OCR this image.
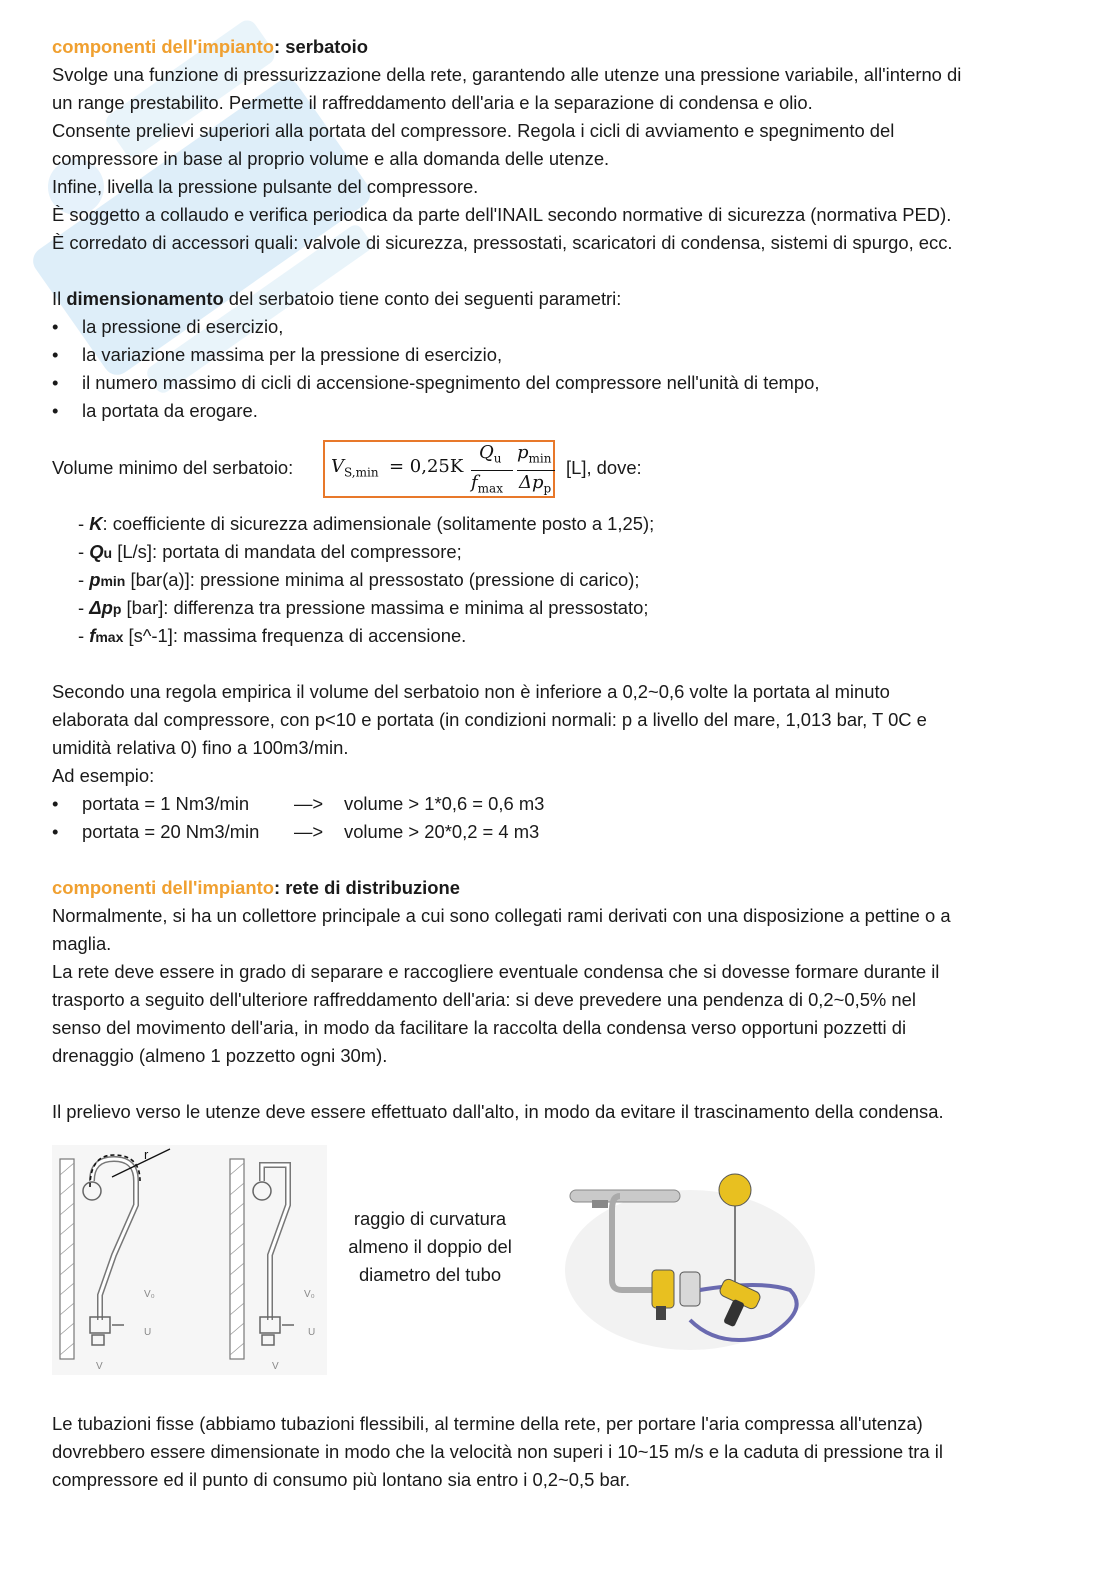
componenti dell'impianto: serbatoio
Svolge una funzione di pressurizzazione della rete, garantendo alle utenze una pressione variabile, all'interno di
un range prestabilito. Permette il raffreddamento dell'aria e la separazione di condensa e olio.
Consente prelievi superiori alla portata del compressore. Regola i cicli di avviamento e spegnimento del
compressore in base al proprio volume e alla domanda delle utenze.
Infine, livella la pressione pulsante del compressore.
È soggetto a collaudo e verifica periodica da parte dell'INAIL secondo normative di sicurezza (normativa PED).
È corredato di accessori quali: valvole di sicurezza, pressostati, scaricatori di condensa, sistemi di spurgo, ecc.
Il dimensionamento del serbatoio tiene conto dei seguenti parametri:
• la pressione di esercizio,
• la variazione massima per la pressione di esercizio,
• il numero massimo di cicli di accensione-spegnimento del compressore nell'unità di tempo,
• la portata da erogare.
Volume minimo del serbatoio: $V_{S,min} = 0,25K$
$Q_u$
$f_{max}$
$p_{min}$
$\Delta p_p$
[L], dove:
- K: coefficiente di sicurezza adimensionale (solitamente posto a 1,25);
- Qu [L/s]: portata di mandata del compressore;
- pmin [bar(a)]: pressione minima al pressostato (pressione di carico);
- Δpp [bar]: differenza tra pressione massima e minima al pressostato;
- fmax [s^-1]: massima frequenza di accensione.
Secondo una regola empirica il volume del serbatoio non è inferiore a 0,2~0,6 volte la portata al minuto
elaborata dal compressore, con p<10 e portata (in condizioni normali: p a livello del mare, 1,013 bar, T 0C e
umidità relativa 0) fino a 100m3/min.
Ad esempio:
• portata = 1 Nm3/min —> volume > 1*0,6 = 0,6 m3
• portata = 20 Nm3/min —> volume > 20*0,2 = 4 m3
componenti dell'impianto: rete di distribuzione
Normalmente, si ha un collettore principale a cui sono collegati rami derivati con una disposizione a pettine o a
maglia.
La rete deve essere in grado di separare e raccogliere eventuale condensa che si dovesse formare durante il
trasporto a seguito dell'ulteriore raffreddamento dell'aria: si deve prevedere una pendenza di 0,2~0,5% nel
senso del movimento dell'aria, in modo da facilitare la raccolta della condensa verso opportuni pozzetti di
drenaggio (almeno 1 pozzetto ogni 30m).
Il prelievo verso le utenze deve essere effettuato dall'alto, in modo da evitare il trascinamento della condensa.
r
V₀
U
V
V₀
U
V
raggio di curvatura
almeno il doppio del
diametro del tubo
Le tubazioni fisse (abbiamo tubazioni flessibili, al termine della rete, per portare l'aria compressa all'utenza)
dovrebbero essere dimensionate in modo che la velocità non superi i 10~15 m/s e la caduta di pressione tra il
compressore ed il punto di consumo più lontano sia entro i 0,2~0,5 bar.
